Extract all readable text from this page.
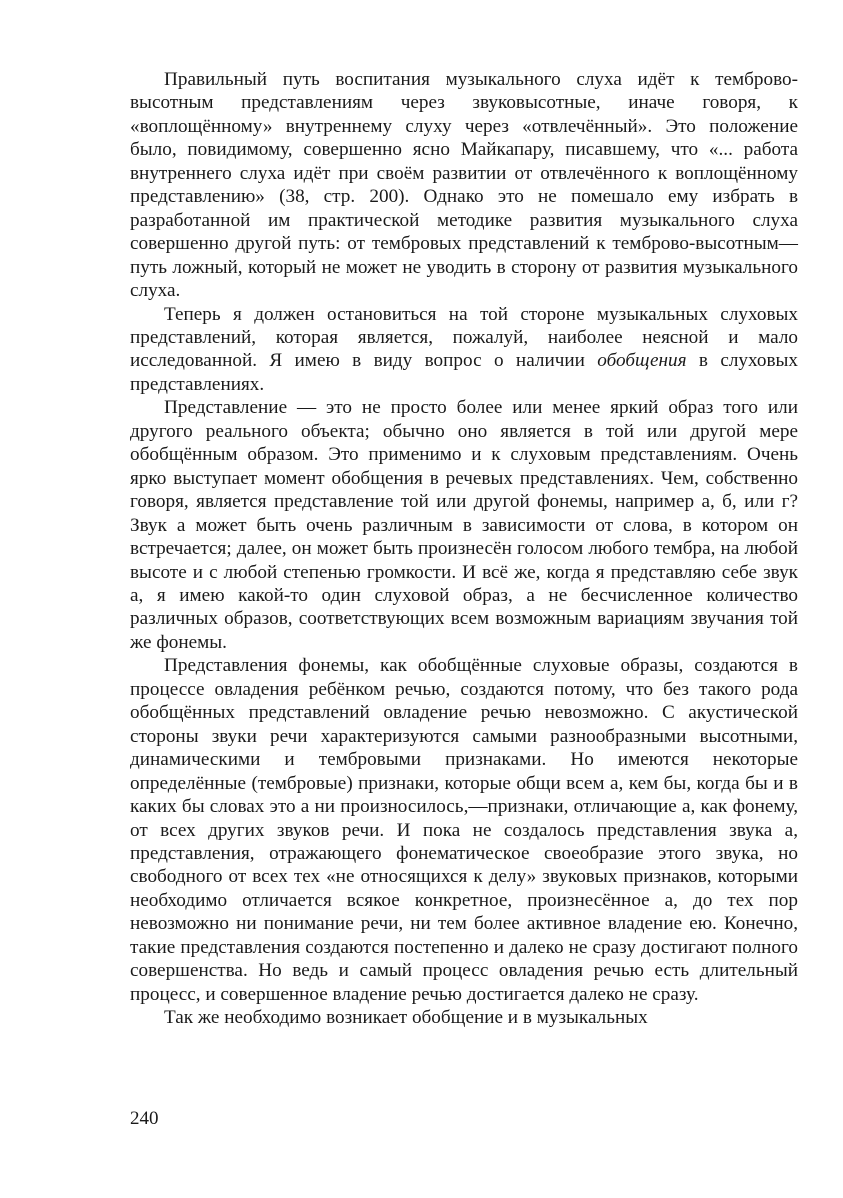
Правильный путь воспитания музыкального слуха идёт к темброво-высотным представлениям через звуковысотные, иначе говоря, к «воплощённому» внутреннему слуху через «отвлечённый». Это положение было, повидимому, совершенно ясно Майкапару, писавшему, что «... работа внутреннего слуха идёт при своём развитии от отвлечённого к воплощённому представлению» (38, стр. 200). Однако это не помешало ему избрать в разработанной им практической методике развития музыкального слуха совершенно другой путь: от тембровых представлений к темброво-высотным—путь ложный, который не может не уводить в сторону от развития музыкального слуха.

Теперь я должен остановиться на той стороне музыкальных слуховых представлений, которая является, пожалуй, наиболее неясной и мало исследованной. Я имею в виду вопрос о наличии обобщения в слуховых представлениях.

Представление — это не просто более или менее яркий образ того или другого реального объекта; обычно оно является в той или другой мере обобщённым образом. Это применимо и к слуховым представлениям. Очень ярко выступает момент обобщения в речевых представлениях. Чем, собственно говоря, является представление той или другой фонемы, например а, б, или г? Звук а может быть очень различным в зависимости от слова, в котором он встречается; далее, он может быть произнесён голосом любого тембра, на любой высоте и с любой степенью громкости. И всё же, когда я представляю себе звук а, я имею какой-то один слуховой образ, а не бесчисленное количество различных образов, соответствующих всем возможным вариациям звучания той же фонемы.

Представления фонемы, как обобщённые слуховые образы, создаются в процессе овладения ребёнком речью, создаются потому, что без такого рода обобщённых представлений овладение речью невозможно. С акустической стороны звуки речи характеризуются самыми разнообразными высотными, динамическими и тембровыми признаками. Но имеются некоторые определённые (тембровые) признаки, которые общи всем а, кем бы, когда бы и в каких бы словах это а ни произносилось,—признаки, отличающие а, как фонему, от всех других звуков речи. И пока не создалось представления звука а, представления, отражающего фонематическое своеобразие этого звука, но свободного от всех тех «не относящихся к делу» звуковых признаков, которыми необходимо отличается всякое конкретное, произнесённое а, до тех пор невозможно ни понимание речи, ни тем более активное владение ею. Конечно, такие представления создаются постепенно и далеко не сразу достигают полного совершенства. Но ведь и самый процесс овладения речью есть длительный процесс, и совершенное владение речью достигается далеко не сразу.

Так же необходимо возникает обобщение и в музыкальных

240
